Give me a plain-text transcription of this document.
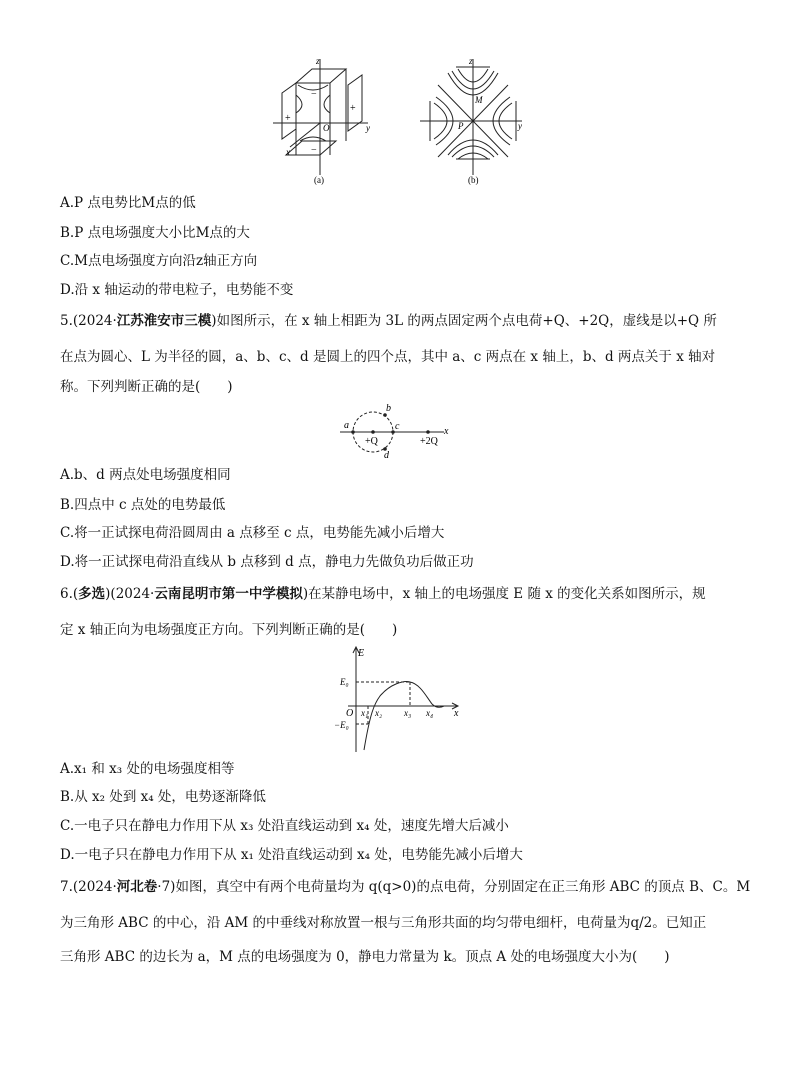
z
y
x
O
−
−
+
+
(a)
z
y
M
P
(b)
A.P 点电势比M点的低
B.P 点电场强度大小比M点的大
C.M点电场强度方向沿z轴正方向
D.沿 x 轴运动的带电粒子，电势能不变
5.(2024·江苏淮安市三模)如图所示，在 x 轴上相距为 3L 的两点固定两个点电荷+Q、+2Q，虚线是以+Q 所
在点为圆心、L 为半径的圆，a、b、c、d 是圆上的四个点，其中 a、c 两点在 x 轴上，b、d 两点关于 x 轴对
称。下列判断正确的是(　　)
a
b
c
d
+Q	+2Q
x
A.b、d 两点处电场强度相同
B.四点中 c 点处的电势最低
C.将一正试探电荷沿圆周由 a 点移至 c 点，电势能先减小后增大
D.将一正试探电荷沿直线从 b 点移到 d 点，静电力先做负功后做正功
6.(多选)(2024·云南昆明市第一中学模拟)在某静电场中，x 轴上的电场强度 E 随 x 的变化关系如图所示，规
定 x 轴正向为电场强度正方向。下列判断正确的是(　　)
E
E₀
−E₀
O x₁ x₂ x₃ x₄ x
A.x₁ 和 x₃ 处的电场强度相等
B.从 x₂ 处到 x₄ 处，电势逐渐降低
C.一电子只在静电力作用下从 x₃ 处沿直线运动到 x₄ 处，速度先增大后减小
D.一电子只在静电力作用下从 x₁ 处沿直线运动到 x₄ 处，电势能先减小后增大
7.(2024·河北卷·7)如图，真空中有两个电荷量均为 q(q>0)的点电荷，分别固定在正三角形 ABC 的顶点 B、C。M
为三角形 ABC 的中心，沿 AM 的中垂线对称放置一根与三角形共面的均匀带电细杆，电荷量为q/2。已知正
三角形 ABC 的边长为 a，M 点的电场强度为 0，静电力常量为 k。顶点 A 处的电场强度大小为(　　)
